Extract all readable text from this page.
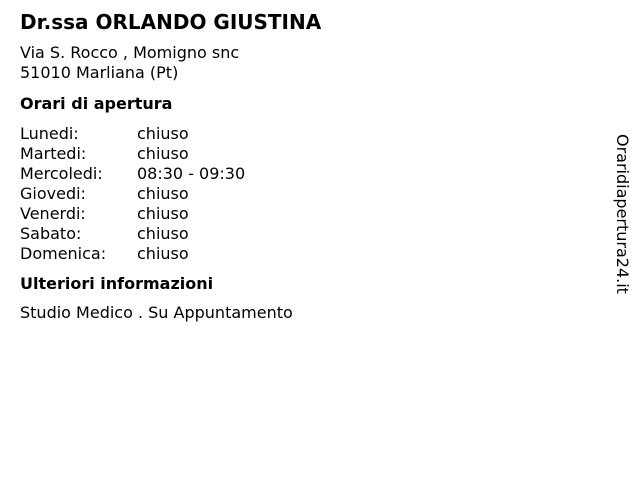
Dr.ssa ORLANDO GIUSTINA
Via S. Rocco , Momigno snc
51010 Marliana (Pt)
Orari di apertura
Lunedi:	chiuso
Martedi:	chiuso
Mercoledi: 08:30 - 09:30
Giovedi:	chiuso
Venerdi:	chiuso
Sabato:	chiuso
Domenica: chiuso
Ulteriori informazioni
Studio Medico . Su Appuntamento
Oraridiapertura24.it
